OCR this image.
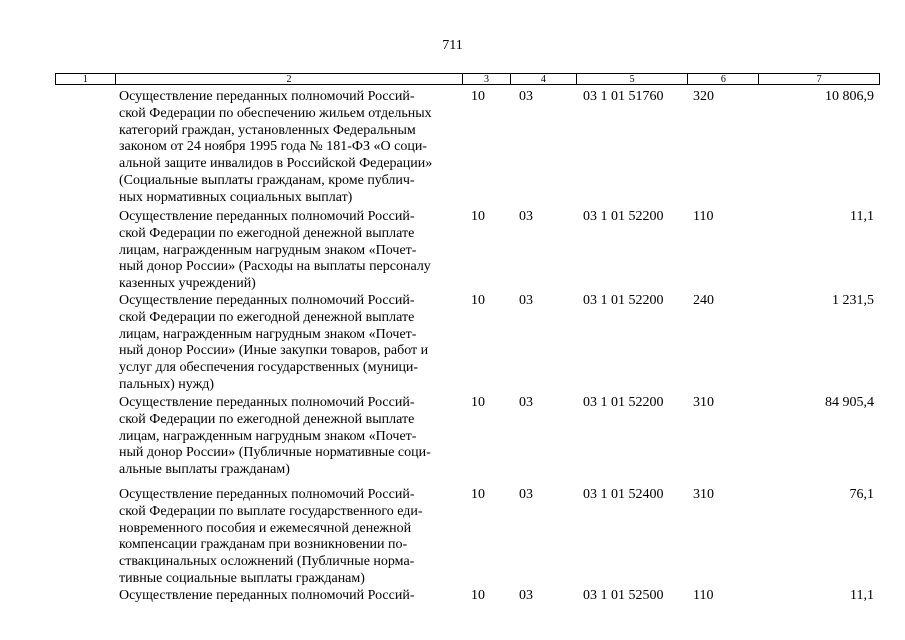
711
1	2	3	4	5	6	7
Осуществление переданных полномочий Россий-
ской Федерации по обеспечению жильем отдельных
категорий граждан, установленных Федеральным
законом от 24 ноября 1995 года № 181-ФЗ «О соци-
альной защите инвалидов в Российской Федерации»
(Социальные выплаты гражданам, кроме публич-
ных нормативных социальных выплат)
10	03	03 1 01 51760	320	10 806,9
Осуществление переданных полномочий Россий-
ской Федерации по ежегодной денежной выплате
лицам, награжденным нагрудным знаком «Почет-
ный донор России» (Расходы на выплаты персоналу
казенных учреждений)
10	03	03 1 01 52200	110	11,1
Осуществление переданных полномочий Россий-
ской Федерации по ежегодной денежной выплате
лицам, награжденным нагрудным знаком «Почет-
ный донор России» (Иные закупки товаров, работ и
услуг для обеспечения государственных (муници-
пальных) нужд)
10	03	03 1 01 52200	240	1 231,5
Осуществление переданных полномочий Россий-
ской Федерации по ежегодной денежной выплате
лицам, награжденным нагрудным знаком «Почет-
ный донор России» (Публичные нормативные соци-
альные выплаты гражданам)
10	03	03 1 01 52200	310	84 905,4
Осуществление переданных полномочий Россий-
ской Федерации по выплате государственного еди-
новременного пособия и ежемесячной денежной
компенсации гражданам при возникновении по-
ствакцинальных осложнений (Публичные норма-
тивные социальные выплаты гражданам)
10	03	03 1 01 52400	310	76,1
Осуществление переданных полномочий Россий-	10	03	03 1 01 52500	110	11,1
